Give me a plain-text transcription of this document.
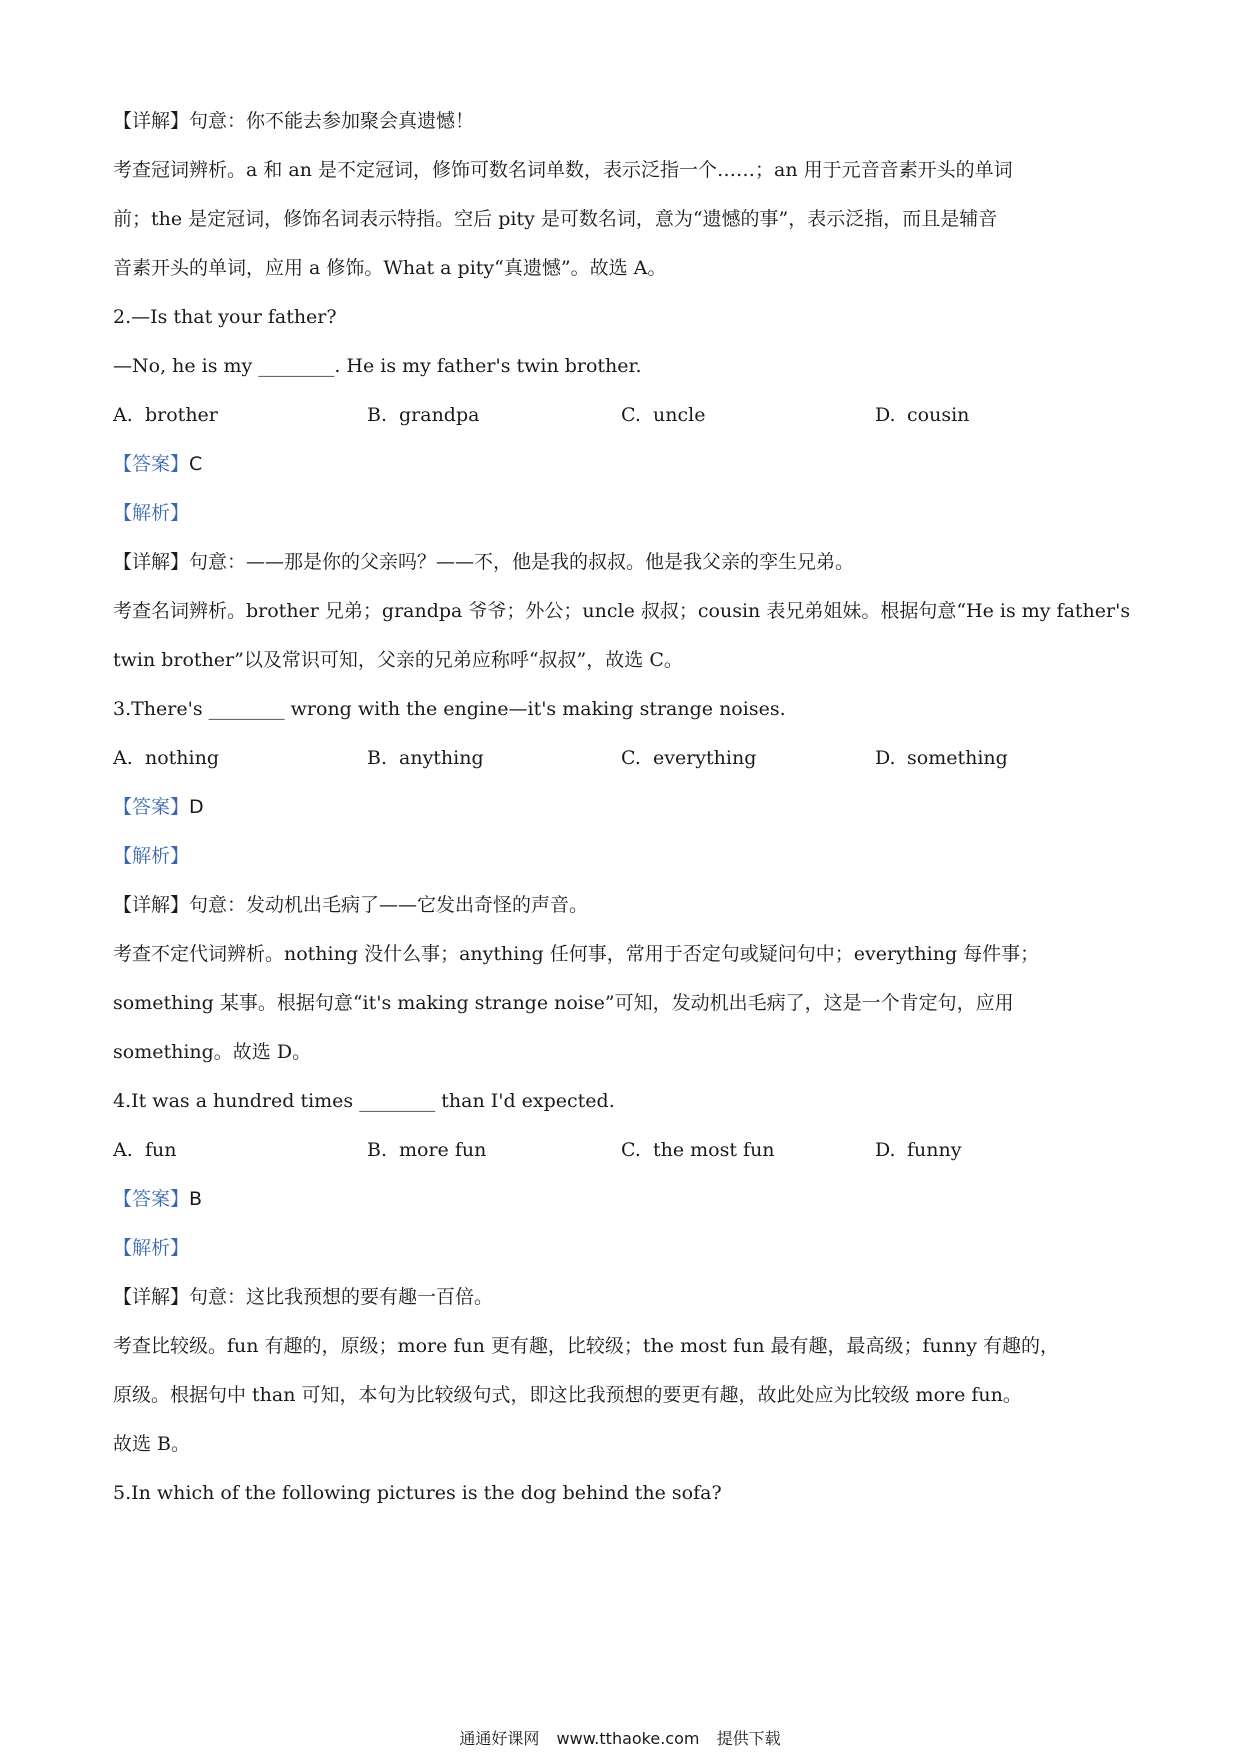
【详解】句意：你不能去参加聚会真遗憾！
考查冠词辨析。a 和 an 是不定冠词，修饰可数名词单数，表示泛指一个……；an 用于元音音素开头的单词
前；the 是定冠词，修饰名词表示特指。空后 pity 是可数名词，意为“遗憾的事”，表示泛指，而且是辅音
音素开头的单词，应用 a 修饰。What a pity“真遗憾”。故选 A。
2.—Is that your father?
—No, he is my ________. He is my father's twin brother.
A. brother	B. grandpa	C. uncle	D. cousin
【答案】C
【解析】
【详解】句意：——那是你的父亲吗？——不，他是我的叔叔。他是我父亲的孪生兄弟。
考查名词辨析。brother 兄弟；grandpa 爷爷；外公；uncle 叔叔；cousin 表兄弟姐妹。根据句意“He is my father's
twin brother”以及常识可知，父亲的兄弟应称呼“叔叔”，故选 C。
3.There's ________ wrong with the engine—it's making strange noises.
A. nothing	B. anything	C. everything	D. something
【答案】D
【解析】
【详解】句意：发动机出毛病了——它发出奇怪的声音。
考查不定代词辨析。nothing 没什么事；anything 任何事，常用于否定句或疑问句中；everything 每件事；
something 某事。根据句意“it's making strange noise”可知，发动机出毛病了，这是一个肯定句，应用
something。故选 D。
4.It was a hundred times ________ than I'd expected.
A. fun	B. more fun	C. the most fun	D. funny
【答案】B
【解析】
【详解】句意：这比我预想的要有趣一百倍。
考查比较级。fun 有趣的，原级；more fun 更有趣，比较级；the most fun 最有趣，最高级；funny 有趣的，
原级。根据句中 than 可知，本句为比较级句式，即这比我预想的要更有趣，故此处应为比较级 more fun。
故选 B。
5.In which of the following pictures is the dog behind the sofa?
通通好课网 www.tthaoke.com 提供下载
